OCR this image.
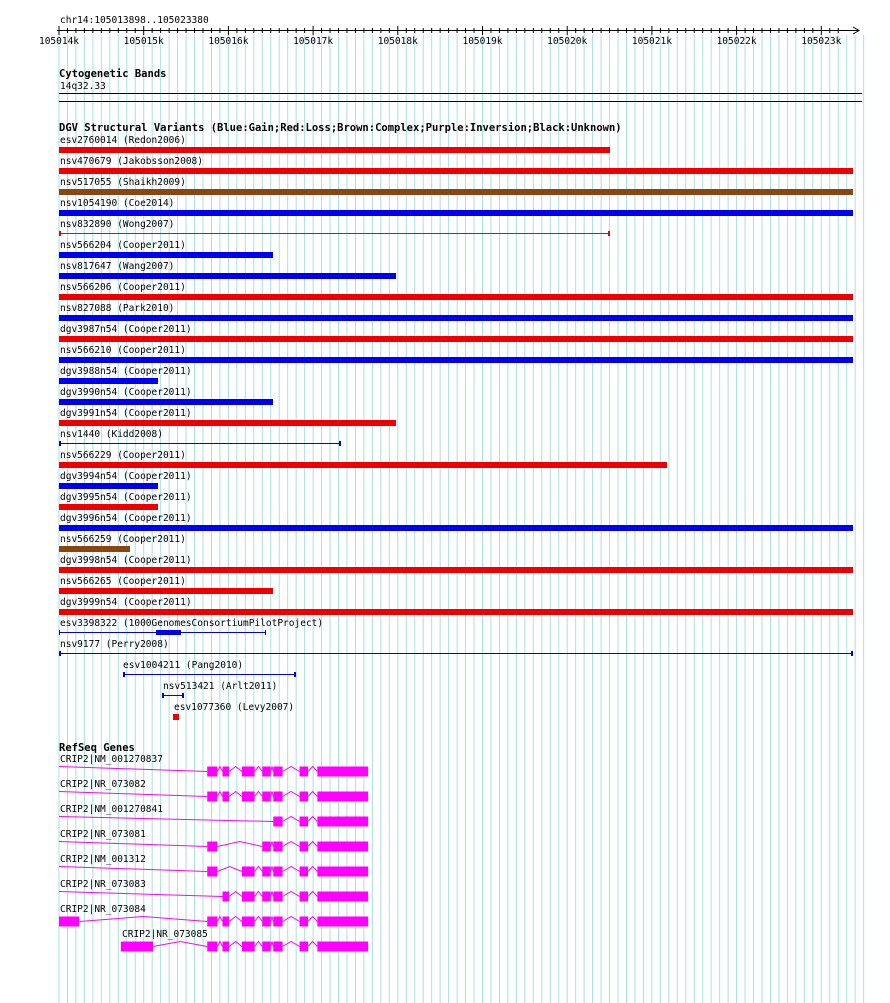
105014k	105015k	105016k	105017k	105018k	105019k	105020k	105021k	105022k	105023k
chr14:105013898..105023380
Cytogenetic Bands
14q32.33
DGV Structural Variants (Blue:Gain;Red:Loss;Brown:Complex;Purple:Inversion;Black:Unknown)
esv2760014 (Redon2006)
nsv470679 (Jakobsson2008)
nsv517055 (Shaikh2009)
nsv1054190 (Coe2014)
nsv832890 (Wong2007)
nsv566204 (Cooper2011)
nsv817647 (Wang2007)
nsv566206 (Cooper2011)
nsv827088 (Park2010)
dgv3987n54 (Cooper2011)
nsv566210 (Cooper2011)
dgv3988n54 (Cooper2011)
dgv3990n54 (Cooper2011)
dgv3991n54 (Cooper2011)
nsv1440 (Kidd2008)
nsv566229 (Cooper2011)
dgv3994n54 (Cooper2011)
dgv3995n54 (Cooper2011)
dgv3996n54 (Cooper2011)
nsv566259 (Cooper2011)
dgv3998n54 (Cooper2011)
nsv566265 (Cooper2011)
dgv3999n54 (Cooper2011)
esv3398322 (1000GenomesConsortiumPilotProject)
nsv9177 (Perry2008)
esv1004211 (Pang2010)
nsv513421 (Arlt2011)
esv1077360 (Levy2007)
RefSeq Genes
CRIP2|NM_001270837
CRIP2|NR_073082
CRIP2|NM_001270841
CRIP2|NR_073081
CRIP2|NM_001312
CRIP2|NR_073083
CRIP2|NR_073084
CRIP2|NR_073085
